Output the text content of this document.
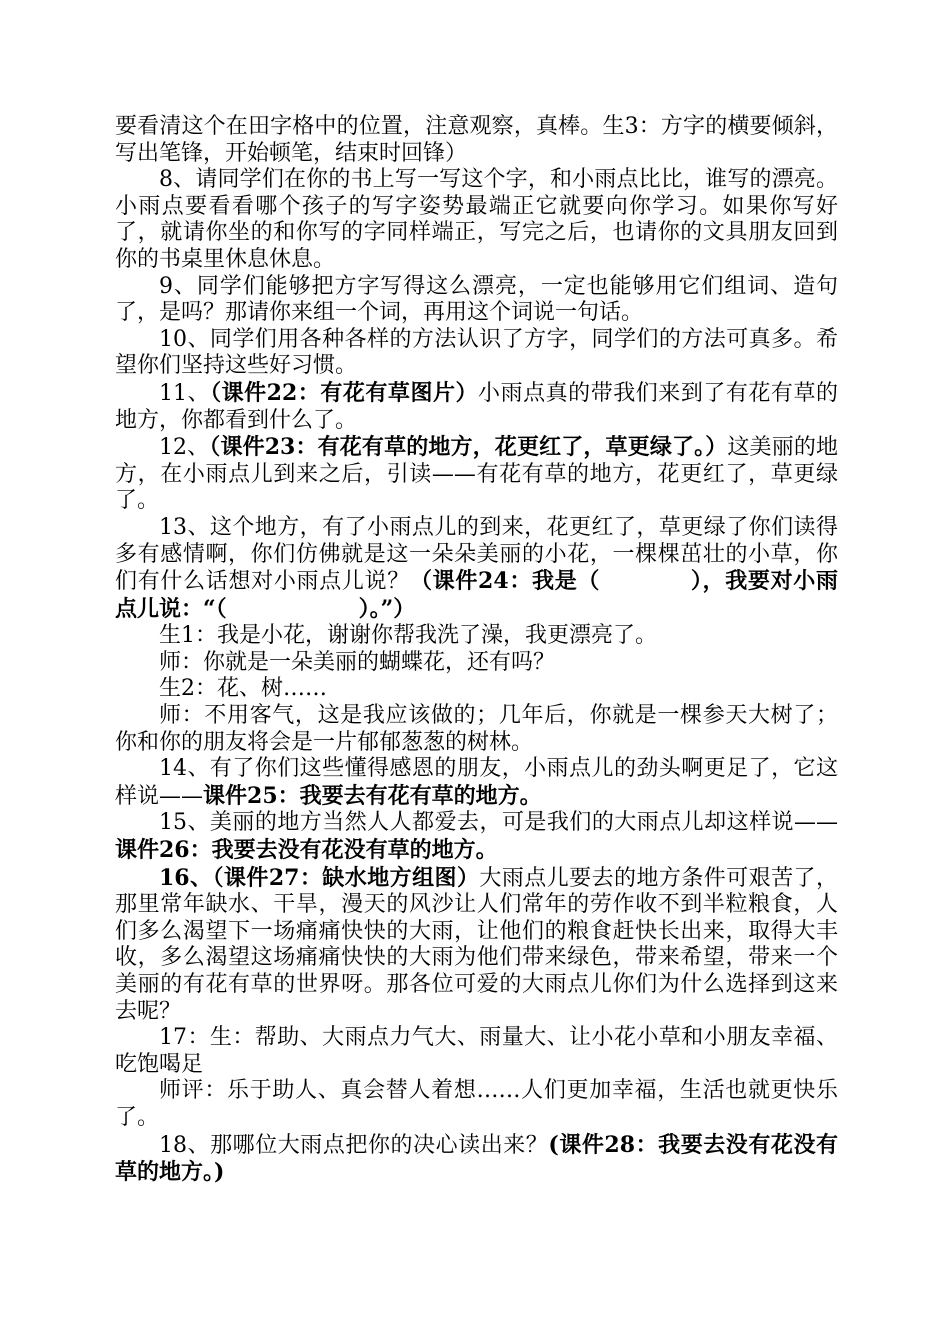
要看清这个在田字格中的位置，注意观察，真棒。生3：方字的横要倾斜，写出笔锋，开始顿笔，结束时回锋）

8、请同学们在你的书上写一写这个字，和小雨点比比，谁写的漂亮。小雨点要看看哪个孩子的写字姿势最端正它就要向你学习。如果你写好了，就请你坐的和你写的字同样端正，写完之后，也请你的文具朋友回到你的书桌里休息休息。

9、同学们能够把方字写得这么漂亮，一定也能够用它们组词、造句了，是吗？那请你来组一个词，再用这个词说一句话。

10、同学们用各种各样的方法认识了方字，同学们的方法可真多。希望你们坚持这些好习惯。

11、（课件22：有花有草图片）小雨点真的带我们来到了有花有草的地方，你都看到什么了。

12、（课件23：有花有草的地方，花更红了，草更绿了。）这美丽的地方，在小雨点儿到来之后，引读——有花有草的地方，花更红了，草更绿了。

13、这个地方，有了小雨点儿的到来，花更红了，草更绿了你们读得多有感情啊，你们仿佛就是这一朵朵美丽的小花，一棵棵茁壮的小草，你们有什么话想对小雨点儿说？（课件24：我是（　　　　），我要对小雨点儿说：“（　　　　　　）。”）

生1：我是小花，谢谢你帮我洗了澡，我更漂亮了。

师：你就是一朵美丽的蝴蝶花，还有吗？

生2：花、树……

师：不用客气，这是我应该做的；几年后，你就是一棵参天大树了；你和你的朋友将会是一片郁郁葱葱的树林。

14、有了你们这些懂得感恩的朋友，小雨点儿的劲头啊更足了，它这样说——课件25：我要去有花有草的地方。

15、美丽的地方当然人人都爱去，可是我们的大雨点儿却这样说——课件26：我要去没有花没有草的地方。

16、（课件27：缺水地方组图）大雨点儿要去的地方条件可艰苦了，那里常年缺水、干旱，漫天的风沙让人们常年的劳作收不到半粒粮食，人们多么渴望下一场痛痛快快的大雨，让他们的粮食赶快长出来，取得大丰收，多么渴望这场痛痛快快的大雨为他们带来绿色，带来希望，带来一个美丽的有花有草的世界呀。那各位可爱的大雨点儿你们为什么选择到这来去呢？

17：生：帮助、大雨点力气大、雨量大、让小花小草和小朋友幸福、吃饱喝足

师评：乐于助人、真会替人着想……人们更加幸福，生活也就更快乐了。

18、那哪位大雨点把你的决心读出来？(课件28：我要去没有花没有草的地方。)
